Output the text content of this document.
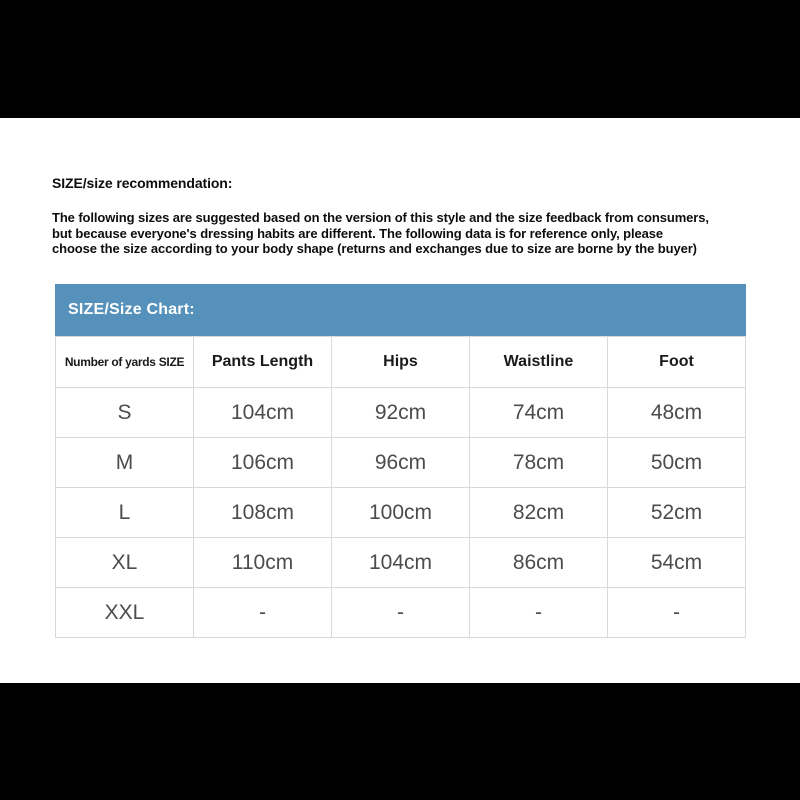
SIZE/size recommendation:
The following sizes are suggested based on the version of this style and the size feedback from consumers,
but because everyone's dressing habits are different. The following data is for reference only, please
choose the size according to your body shape (returns and exchanges due to size are borne by the buyer)
SIZE/Size Chart:
Number of yards SIZE	Pants Length	Hips	Waistline	Foot
S	104cm	92cm	74cm	48cm
M	106cm	96cm	78cm	50cm
L	108cm	100cm	82cm	52cm
XL	110cm	104cm	86cm	54cm
XXL	-	-	-	-
